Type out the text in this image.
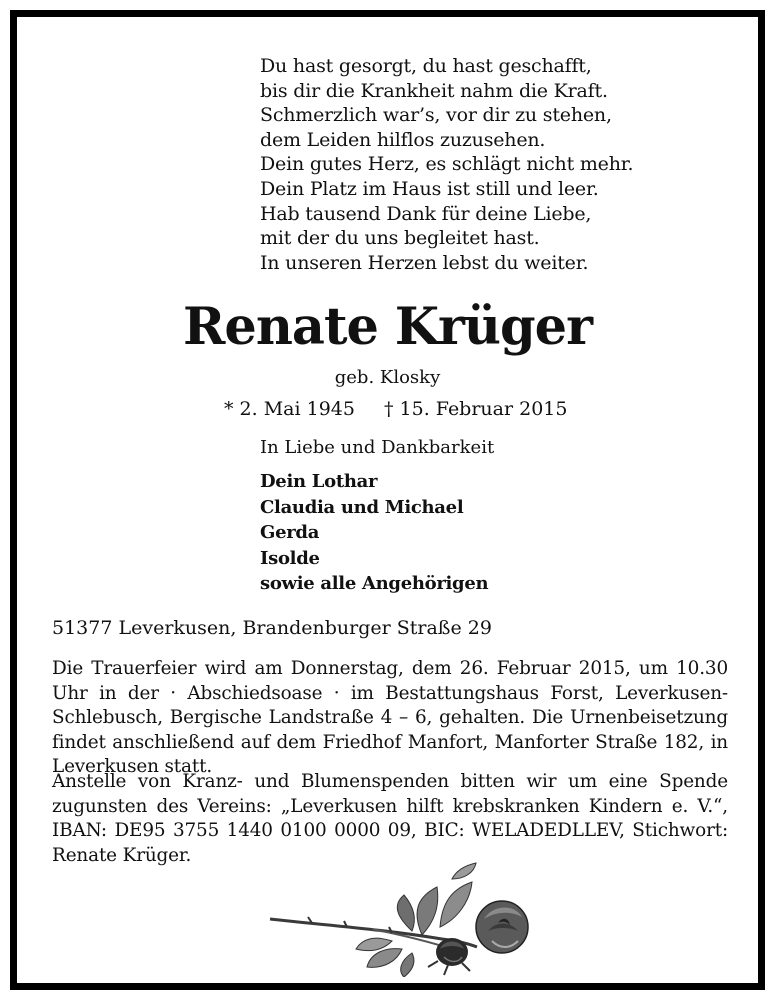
Du hast gesorgt, du hast geschafft,
bis dir die Krankheit nahm die Kraft.
Schmerzlich war’s, vor dir zu stehen,
dem Leiden hilflos zuzusehen.
Dein gutes Herz, es schlägt nicht mehr.
Dein Platz im Haus ist still und leer.
Hab tausend Dank für deine Liebe,
mit der du uns begleitet hast.
In unseren Herzen lebst du weiter.
Renate Krüger
geb. Klosky
* 2. Mai 1945 † 15. Februar 2015
In Liebe und Dankbarkeit
Dein Lothar
Claudia und Michael
Gerda
Isolde
sowie alle Angehörigen
51377 Leverkusen, Brandenburger Straße 29
Die Trauerfeier wird am Donnerstag, dem 26. Februar 2015, um 10.30 Uhr in der · Abschiedsoase · im Bestattungshaus Forst, Leverkusen-Schlebusch, Bergische Landstraße 4 – 6, gehalten. Die Urnenbeisetzung findet anschließend auf dem Friedhof Manfort, Manforter Straße 182, in Leverkusen statt.
Anstelle von Kranz- und Blumenspenden bitten wir um eine Spende zugunsten des Vereins: „Leverkusen hilft krebskranken Kindern e. V.“, IBAN: DE95 3755 1440 0100 0000 09, BIC: WELADEDLLEV, Stichwort: Renate Krüger.
